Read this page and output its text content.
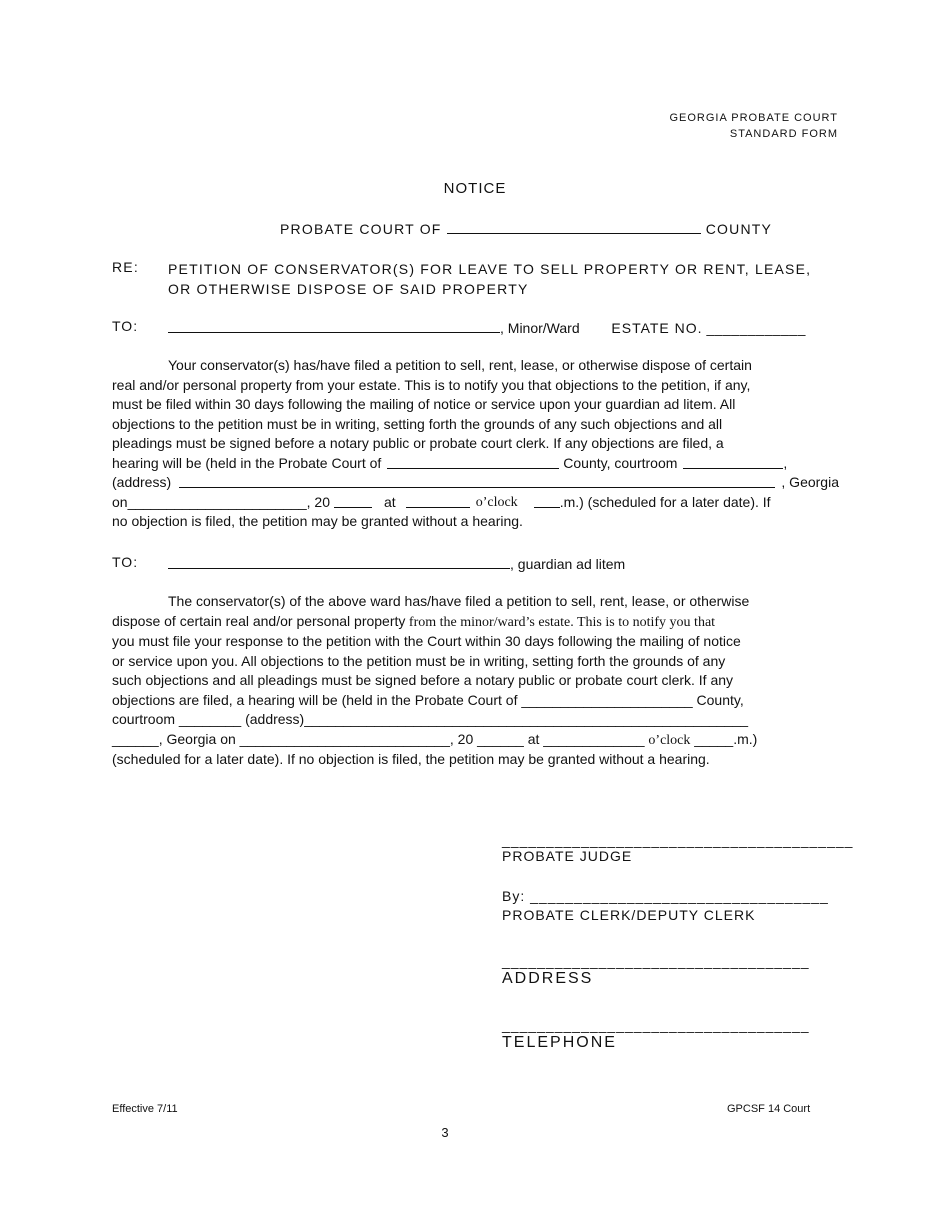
GEORGIA PROBATE COURT
STANDARD FORM
NOTICE
PROBATE COURT OF	COUNTY
RE: PETITION OF CONSERVATOR(S) FOR LEAVE TO SELL PROPERTY OR RENT, LEASE,
OR OTHERWISE DISPOSE OF SAID PROPERTY
TO:	, Minor/Ward ESTATE NO. ____________
Your conservator(s) has/have filed a petition to sell, rent, lease, or otherwise dispose of certain
real and/or personal property from your estate. This is to notify you that objections to the petition, if any,
must be filed within 30 days following the mailing of notice or service upon your guardian ad litem. All
objections to the petition must be in writing, setting forth the grounds of any such objections and all
pleadings must be signed before a notary public or probate court clerk. If any objections are filed, a
hearing will be (held in the Probate Court of	County, courtroom	,
(address)	, Georgia
on_______________________, 20	at	o’clock	.m.) (scheduled for a later date). If
no objection is filed, the petition may be granted without a hearing.
TO:	, guardian ad litem
The conservator(s) of the above ward has/have filed a petition to sell, rent, lease, or otherwise
dispose of certain real and/or personal property from the minor/ward’s estate. This is to notify you that
you must file your response to the petition with the Court within 30 days following the mailing of notice
or service upon you. All objections to the petition must be in writing, setting forth the grounds of any
such objections and all pleadings must be signed before a notary public or probate court clerk. If any
objections are filed, a hearing will be (held in the Probate Court of ______________________ County,
courtroom ________ (address)_________________________________________________________
______, Georgia on ___________________________, 20 ______ at _____________ o’clock _____.m.)
(scheduled for a later date). If no objection is filed, the petition may be granted without a hearing.
________________________________________
PROBATE JUDGE
By: __________________________________
PROBATE CLERK/DEPUTY CLERK
___________________________________
ADDRESS
___________________________________
TELEPHONE
Effective 7/11	GPCSF 14 Court
3
